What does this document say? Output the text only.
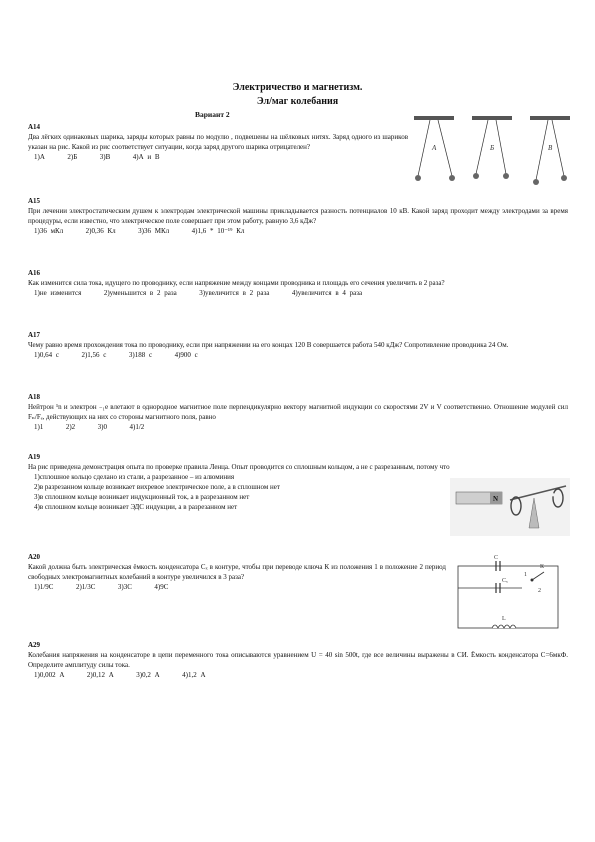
Электричество и магнетизм.
Эл/маг колебания
Вариант 2
A14
Два лёгких одинаковых шарика, заряды которых равны по модулю , подвешены на шёлковых нитях. Заряд одного из шариков указан на рис. Какой из рис соответствует ситуации, когда заряд другого шарика отрицателен?
1)А      2)Б      3)В      4)А и В
А	Б	В
A15
При лечении электростатическим душем к электродам электрической машины прикладывается разность потенциалов 10 кВ. Какой заряд проходит между электродами за время процедуры, если известно, что электрическое поле совершает при этом работу, равную 3,6 кДж?
1)36 мКл      2)0,36 Кл      3)36 МКл      4)1,6 * 10⁻¹⁹ Кл
A16
Как изменится сила тока, идущего по проводнику, если напряжение между концами проводника и площадь его сечения увеличить в 2 раза?
1)не изменится      2)уменьшится в 2 раза      3)увеличится в 2 раза      4)увеличится в 4 раза
A17
Чему равно время прохождения тока по проводнику, если при напряжении на его концах 120 В совершается работа 540 кДж? Сопротивление проводника 24 Ом.
1)0,64 с      2)1,56 с      3)188 с      4)900 с
A18
Нейтрон ¹n и электрон ₋₁e влетают в однородное магнитное поле перпендикулярно вектору магнитной индукции со скоростями 2V и V соответственно. Отношение модулей сил Fₙ/Fₑ, действующих на них со стороны магнитного поля, равно
1)1      2)2      3)0      4)1/2
A19
На рис приведена демонстрация опыта по проверке правила Ленца. Опыт проводится со сплошным кольцом, а не с разрезанным, потому что
1)сплошное кольцо сделано из стали, а разрезанное – из алюминия
2)в разрезанном кольце возникает вихревое электрическое поле, а в сплошном нет
3)в сплошном кольце возникает индукционный ток, а в разрезанном нет
4)в сплошном кольце возникает ЭДС индукции, а в разрезанном нет
N
A20
Какой должна быть электрическая ёмкость конденсатора Cₓ в контуре, чтобы при переводе ключа К из положения 1 в положение 2 период свободных электромагнитных колебаний в контуре увеличился в 3 раза?
1)1/9C      2)1/3C      3)3C      4)9C
C
Cₓ
К
1
2
L
A29
Колебания напряжения на конденсаторе в цепи переменного тока описываются уравнением U = 40 sin 500t, где все величины выражены в СИ. Ёмкость конденсатора С=6мкФ. Определите амплитуду силы тока.
1)0,002 А      2)0,12 А      3)0,2 А      4)1,2 А
